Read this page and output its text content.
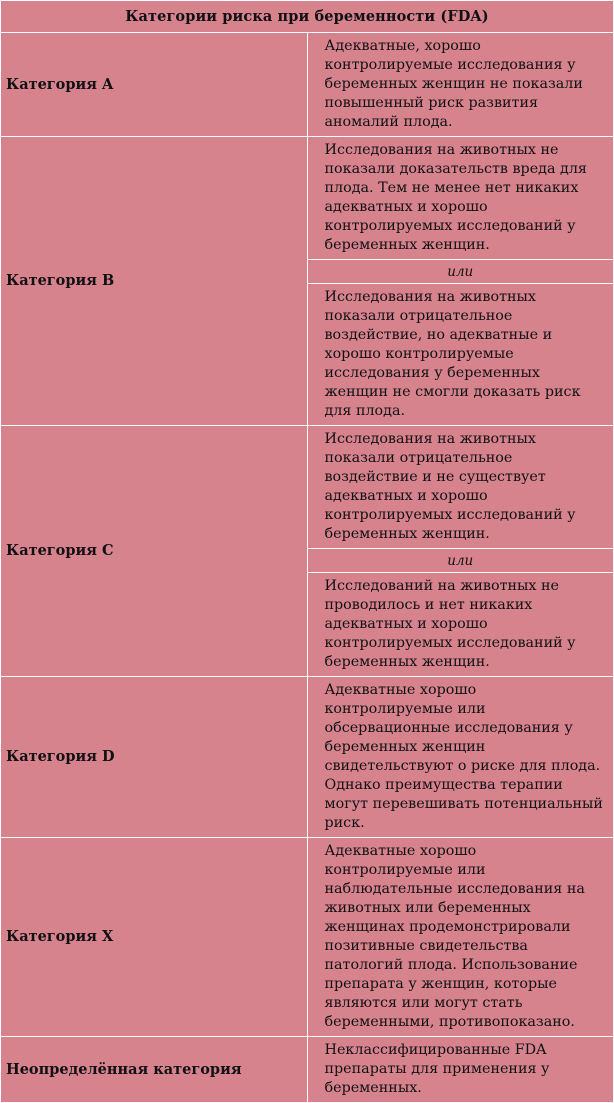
Категории риска при беременности (FDA)	
Категория A	Адекватные, хорошо контролируемые исследования у беременных женщин не показали повышенный риск развития аномалий плода.
Категория B	Исследования на животных не показали доказательств вреда для плода. Тем не менее нет никаких адекватных и хорошо контролируемых исследований у беременных женщин.
	или
	Исследования на животных показали отрицательное воздействие, но адекватные и хорошо контролируемые исследования у беременных женщин не смогли доказать риск для плода.
Категория C	Исследования на животных показали отрицательное воздействие и не существует адекватных и хорошо контролируемых исследований у беременных женщин.
	или
	Исследований на животных не проводилось и нет никаких адекватных и хорошо контролируемых исследований у беременных женщин.
Категория D	Адекватные хорошо контролируемые или обсервационные исследования у беременных женщин свидетельствуют о риске для плода. Однако преимущества терапии могут перевешивать потенциальный риск.
Категория X	Адекватные хорошо контролируемые или наблюдательные исследования на животных или беременных женщинах продемонстрировали позитивные свидетельства патологий плода. Использование препарата у женщин, которые являются или могут стать беременными, противопоказано.
Неопределённая категория	Неклассифицированные FDA препараты для применения у беременных.
